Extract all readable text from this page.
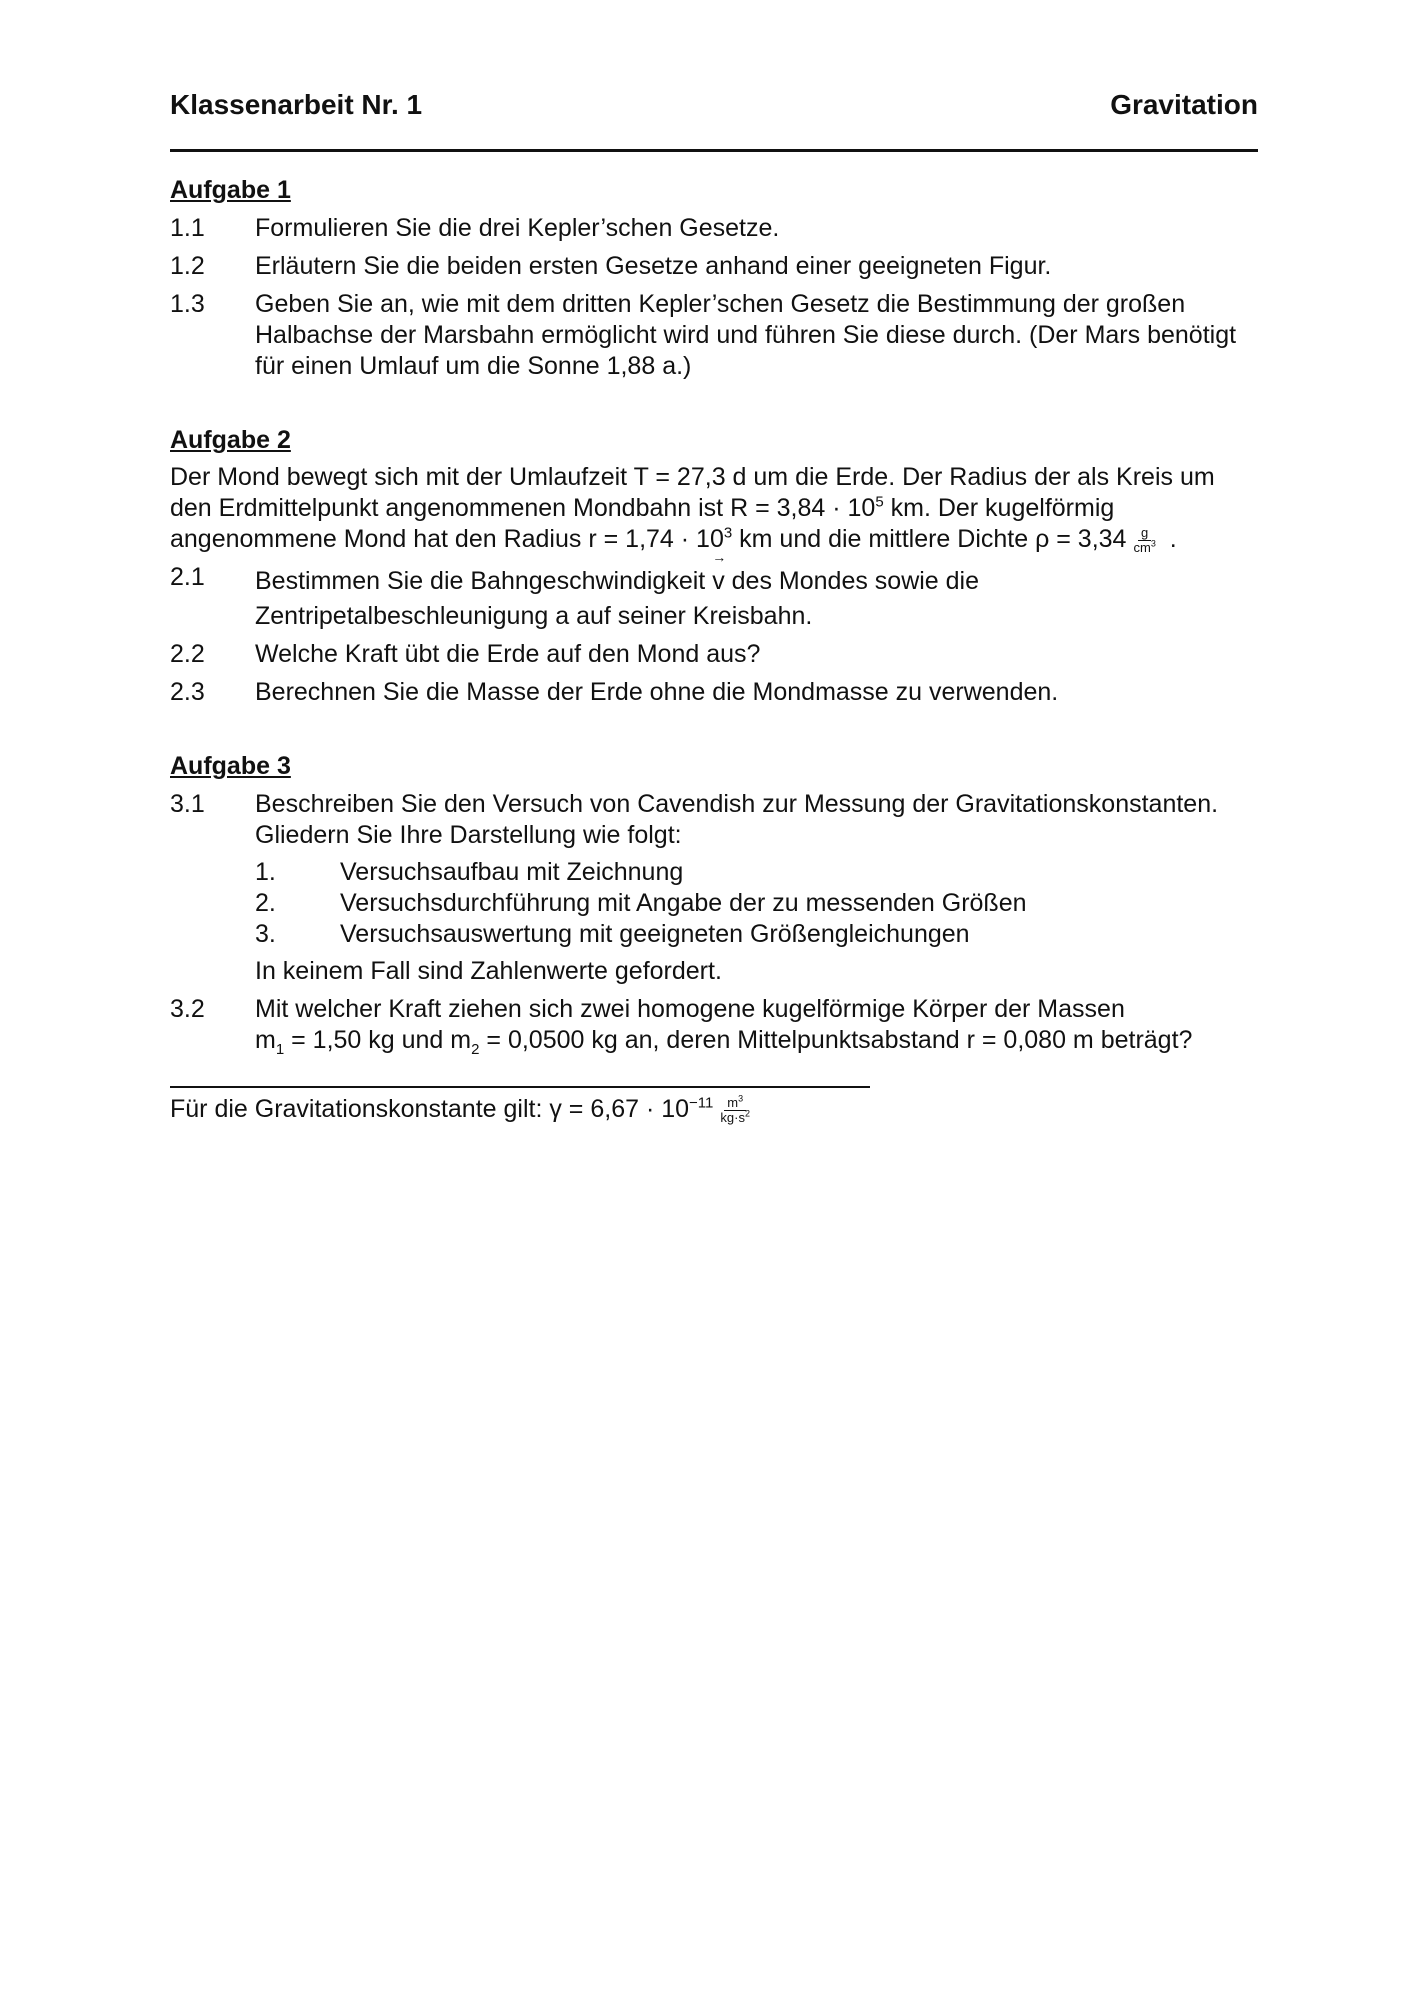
Klassenarbeit Nr. 1	Gravitation
Aufgabe 1
1.1	Formulieren Sie die drei Kepler’schen Gesetze.
1.2	Erläutern Sie die beiden ersten Gesetze anhand einer geeigneten Figur.
1.3	Geben Sie an, wie mit dem dritten Kepler’schen Gesetz die Bestimmung der großen Halbachse der Marsbahn ermöglicht wird und führen Sie diese durch. (Der Mars benötigt für einen Umlauf um die Sonne 1,88 a.)
Aufgabe 2
Der Mond bewegt sich mit der Umlaufzeit T = 27,3 d um die Erde. Der Radius der als Kreis um den Erdmittelpunkt angenommenen Mondbahn ist $R = 3,84 \cdot 10^5$ km. Der kugelförmig angenommene Mond hat den Radius $r = 1,74 \cdot 10^3$ km und die mittlere Dichte $\rho = 3,34 \frac{g}{cm^3}$ .
2.1	Bestimmen Sie die Bahngeschwindigkeit
→
v des Mondes sowie die Zentripetalbeschleunigung a auf seiner Kreisbahn.
2.2	Welche Kraft übt die Erde auf den Mond aus?
2.3	Berechnen Sie die Masse der Erde ohne die Mondmasse zu verwenden.
Aufgabe 3
3.1	Beschreiben Sie den Versuch von Cavendish zur Messung der Gravitationskonstanten. Gliedern Sie Ihre Darstellung wie folgt:
1.	Versuchsaufbau mit Zeichnung
2.	Versuchsdurchführung mit Angabe der zu messenden Größen
3.	Versuchsauswertung mit geeigneten Größengleichungen
In keinem Fall sind Zahlenwerte gefordert.
3.2	Mit welcher Kraft ziehen sich zwei homogene kugelförmige Körper der Massen $m_1 = 1,50$ kg und $m_2 = 0,0500$ kg an, deren Mittelpunktsabstand r = 0,080 m beträgt?
Für die Gravitationskonstante gilt: $\gamma = 6,67 \cdot 10^{-11} \frac{m^3}{kg\cdot s^2}$
